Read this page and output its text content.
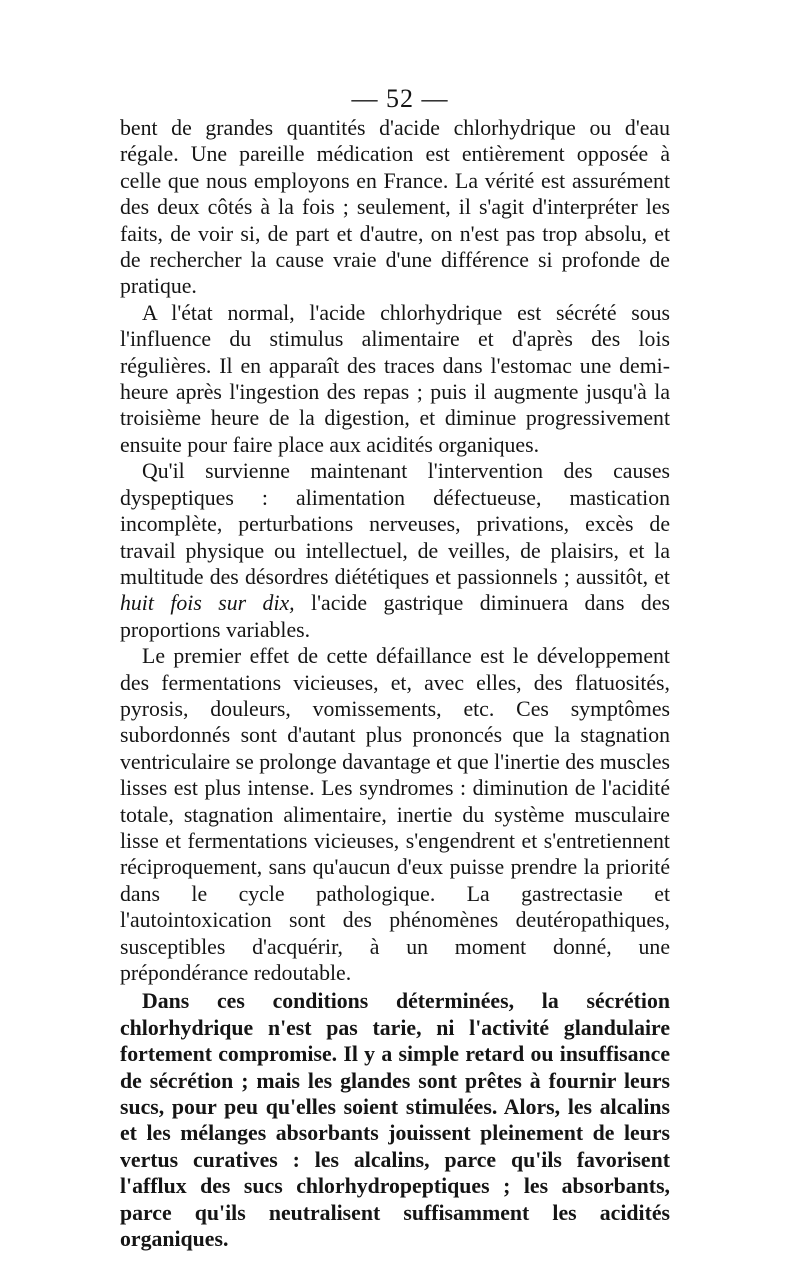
— 52 —

bent de grandes quantités d'acide chlorhydrique ou d'eau régale. Une pareille médication est entièrement opposée à celle que nous employons en France. La vérité est assurément des deux côtés à la fois ; seulement, il s'agit d'interpréter les faits, de voir si, de part et d'autre, on n'est pas trop absolu, et de rechercher la cause vraie d'une différence si profonde de pratique.

A l'état normal, l'acide chlorhydrique est sécrété sous l'influence du stimulus alimentaire et d'après des lois régulières. Il en apparaît des traces dans l'estomac une demi-heure après l'ingestion des repas ; puis il augmente jusqu'à la troisième heure de la digestion, et diminue progressivement ensuite pour faire place aux acidités organiques.

Qu'il survienne maintenant l'intervention des causes dyspeptiques : alimentation défectueuse, mastication incomplète, perturbations nerveuses, privations, excès de travail physique ou intellectuel, de veilles, de plaisirs, et la multitude des désordres diététiques et passionnels ; aussitôt, et huit fois sur dix, l'acide gastrique diminuera dans des proportions variables.

Le premier effet de cette défaillance est le développement des fermentations vicieuses, et, avec elles, des flatuosités, pyrosis, douleurs, vomissements, etc. Ces symptômes subordonnés sont d'autant plus prononcés que la stagnation ventriculaire se prolonge davantage et que l'inertie des muscles lisses est plus intense. Les syndromes : diminution de l'acidité totale, stagnation alimentaire, inertie du système musculaire lisse et fermentations vicieuses, s'engendrent et s'entretiennent réciproquement, sans qu'aucun d'eux puisse prendre la priorité dans le cycle pathologique. La gastrectasie et l'autointoxication sont des phénomènes deutéropathiques, susceptibles d'acquérir, à un moment donné, une prépondérance redoutable.

Dans ces conditions déterminées, la sécrétion chlorhydrique n'est pas tarie, ni l'activité glandulaire fortement compromise. Il y a simple retard ou insuffisance de sécrétion ; mais les glandes sont prêtes à fournir leurs sucs, pour peu qu'elles soient stimulées. Alors, les alcalins et les mélanges absorbants jouissent pleinement de leurs vertus curatives : les alcalins, parce qu'ils favorisent l'afflux des sucs chlorhydropeptiques ; les absorbants, parce qu'ils neutralisent suffisamment les acidités organiques.
